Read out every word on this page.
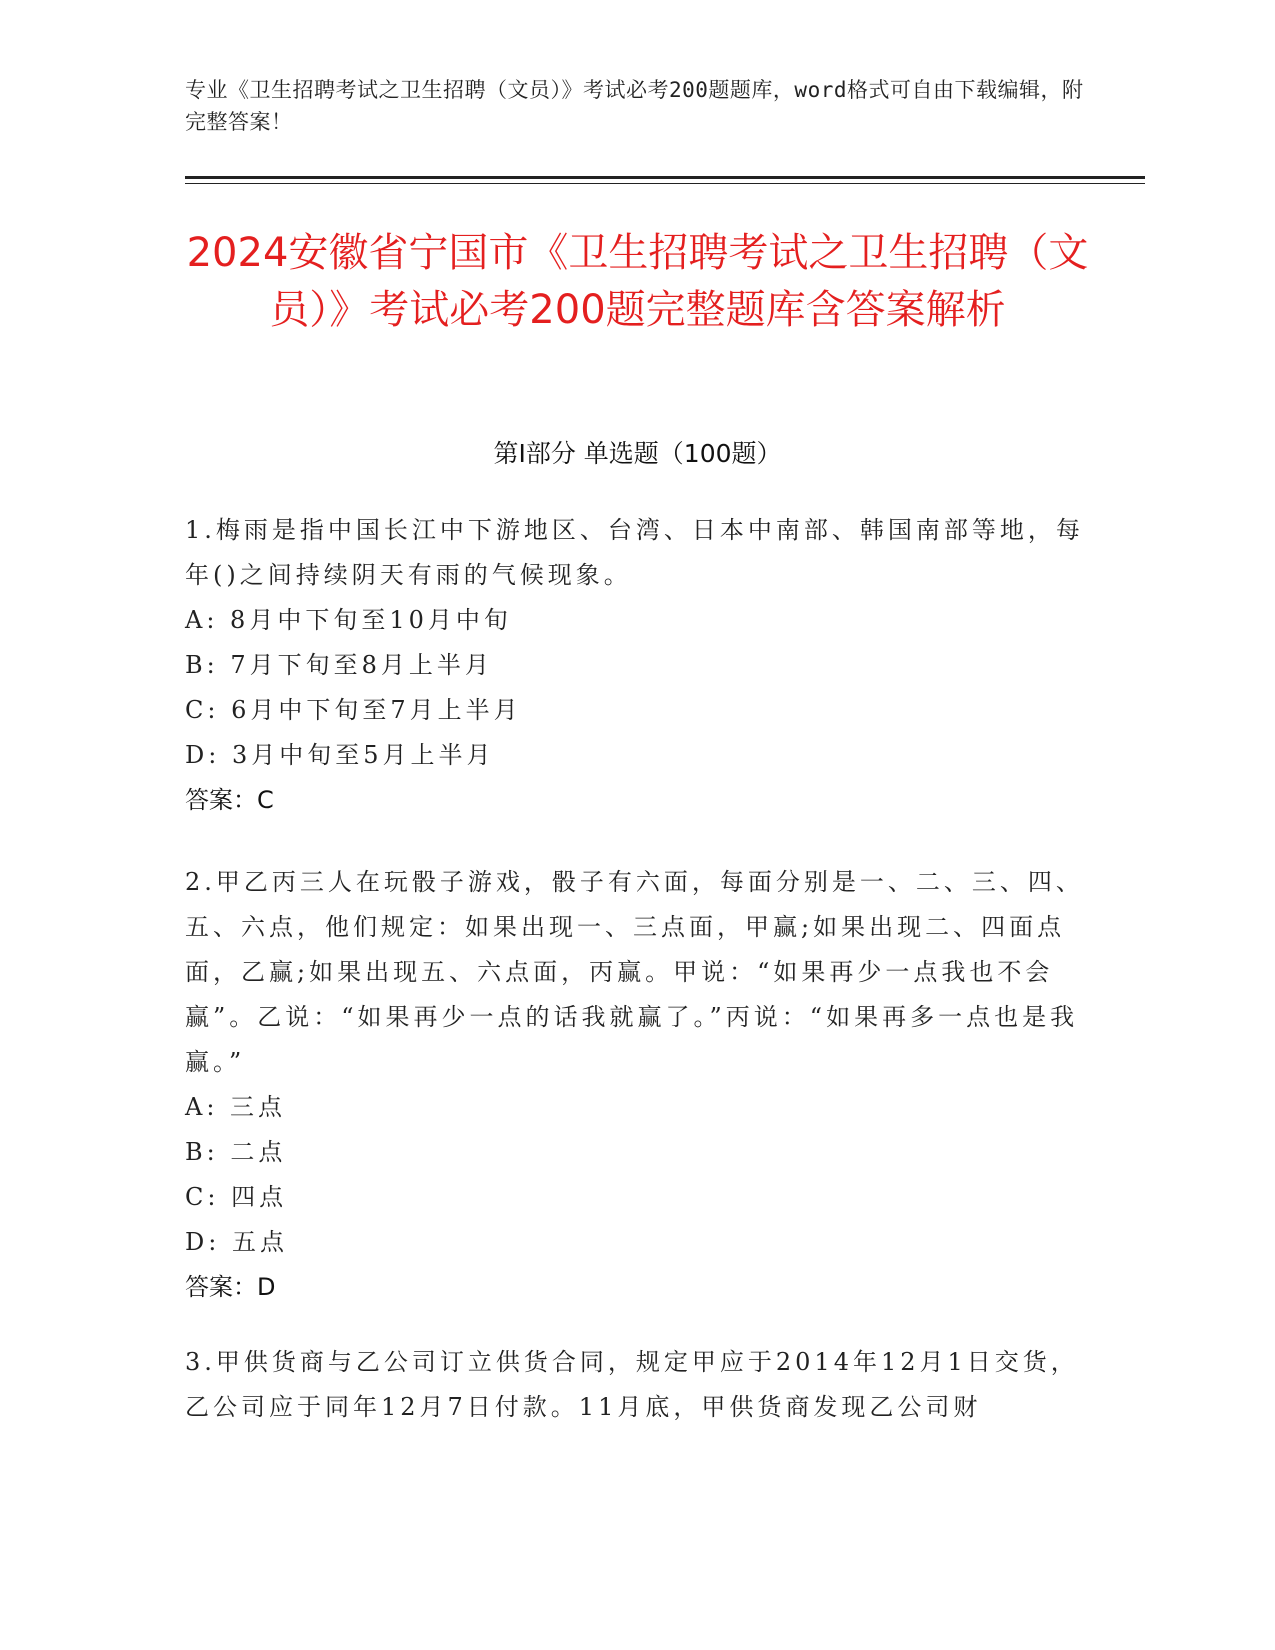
专业《卫生招聘考试之卫生招聘（文员）》考试必考200题题库，word格式可自由下载编辑，附完整答案！
2024安徽省宁国市《卫生招聘考试之卫生招聘（文员）》考试必考200题完整题库含答案解析
第I部分 单选题（100题）

1.梅雨是指中国长江中下游地区、台湾、日本中南部、韩国南部等地，每年()之间持续阴天有雨的气候现象。

A: 8月中下旬至10月中旬

B: 7月下旬至8月上半月

C: 6月中下旬至7月上半月

D: 3月中旬至5月上半月

答案：C

2.甲乙丙三人在玩骰子游戏，骰子有六面，每面分别是一、二、三、四、五、六点，他们规定：如果出现一、三点面，甲赢;如果出现二、四面点面，乙赢;如果出现五、六点面，丙赢。甲说：“如果再少一点我也不会赢”。乙说：“如果再少一点的话我就赢了。”丙说：“如果再多一点也是我赢。”

A: 三点

B: 二点

C: 四点

D: 五点

答案：D

3.甲供货商与乙公司订立供货合同，规定甲应于2014年12月1日交货，乙公司应于同年12月7日付款。11月底，甲供货商发现乙公司财
